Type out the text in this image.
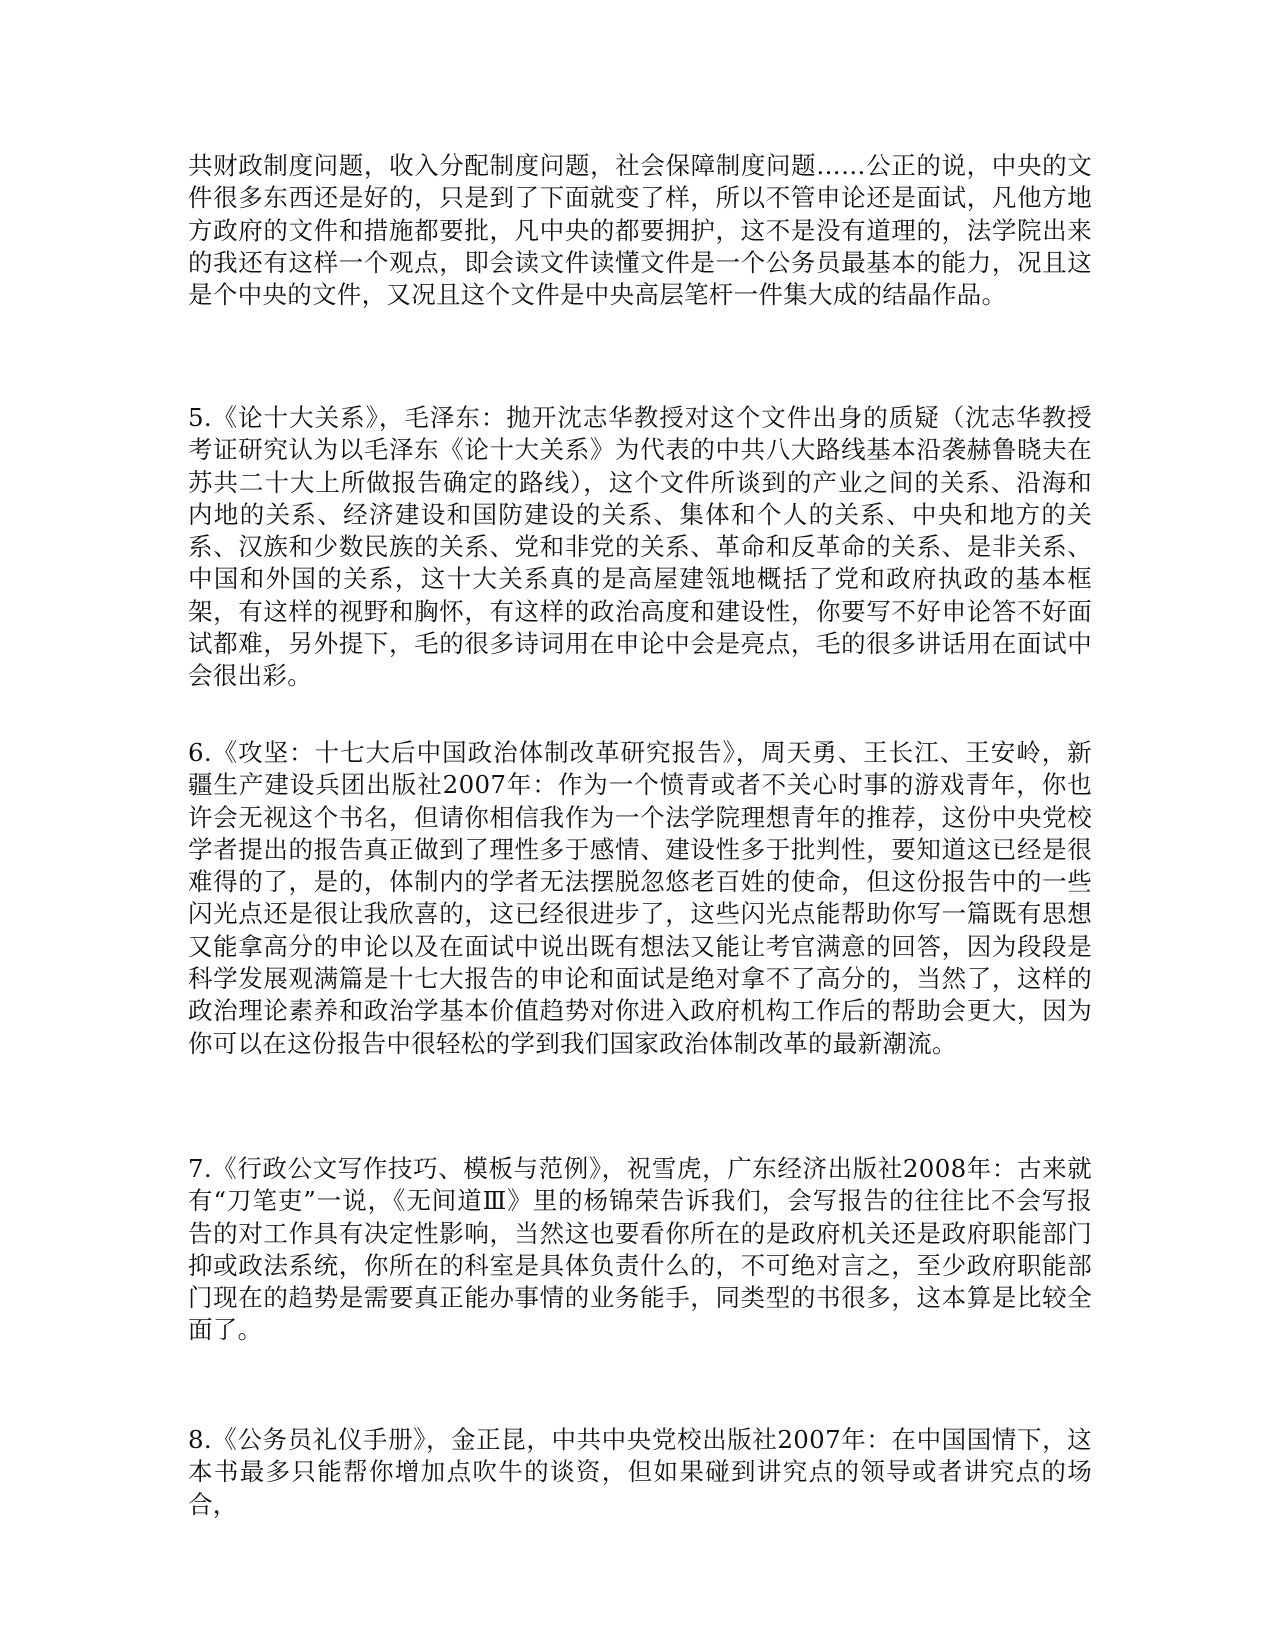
共财政制度问题，收入分配制度问题，社会保障制度问题……公正的说，中央的文件很多东西还是好的，只是到了下面就变了样，所以不管申论还是面试，凡他方地方政府的文件和措施都要批，凡中央的都要拥护，这不是没有道理的，法学院出来的我还有这样一个观点，即会读文件读懂文件是一个公务员最基本的能力，况且这是个中央的文件，又况且这个文件是中央高层笔杆一件集大成的结晶作品。

5.《论十大关系》，毛泽东：抛开沈志华教授对这个文件出身的质疑（沈志华教授考证研究认为以毛泽东《论十大关系》为代表的中共八大路线基本沿袭赫鲁晓夫在苏共二十大上所做报告确定的路线），这个文件所谈到的产业之间的关系、沿海和内地的关系、经济建设和国防建设的关系、集体和个人的关系、中央和地方的关系、汉族和少数民族的关系、党和非党的关系、革命和反革命的关系、是非关系、中国和外国的关系，这十大关系真的是高屋建瓴地概括了党和政府执政的基本框架，有这样的视野和胸怀，有这样的政治高度和建设性，你要写不好申论答不好面试都难，另外提下，毛的很多诗词用在申论中会是亮点，毛的很多讲话用在面试中会很出彩。

6.《攻坚：十七大后中国政治体制改革研究报告》，周天勇、王长江、王安岭，新疆生产建设兵团出版社2007年：作为一个愤青或者不关心时事的游戏青年，你也许会无视这个书名，但请你相信我作为一个法学院理想青年的推荐，这份中央党校学者提出的报告真正做到了理性多于感情、建设性多于批判性，要知道这已经是很难得的了，是的，体制内的学者无法摆脱忽悠老百姓的使命，但这份报告中的一些闪光点还是很让我欣喜的，这已经很进步了，这些闪光点能帮助你写一篇既有思想又能拿高分的申论以及在面试中说出既有想法又能让考官满意的回答，因为段段是科学发展观满篇是十七大报告的申论和面试是绝对拿不了高分的，当然了，这样的政治理论素养和政治学基本价值趋势对你进入政府机构工作后的帮助会更大，因为你可以在这份报告中很轻松的学到我们国家政治体制改革的最新潮流。

7.《行政公文写作技巧、模板与范例》，祝雪虎，广东经济出版社2008年：古来就有“刀笔吏”一说，《无间道Ⅲ》里的杨锦荣告诉我们，会写报告的往往比不会写报告的对工作具有决定性影响，当然这也要看你所在的是政府机关还是政府职能部门抑或政法系统，你所在的科室是具体负责什么的，不可绝对言之，至少政府职能部门现在的趋势是需要真正能办事情的业务能手，同类型的书很多，这本算是比较全面了。

8.《公务员礼仪手册》，金正昆，中共中央党校出版社2007年：在中国国情下，这本书最多只能帮你增加点吹牛的谈资，但如果碰到讲究点的领导或者讲究点的场合，
